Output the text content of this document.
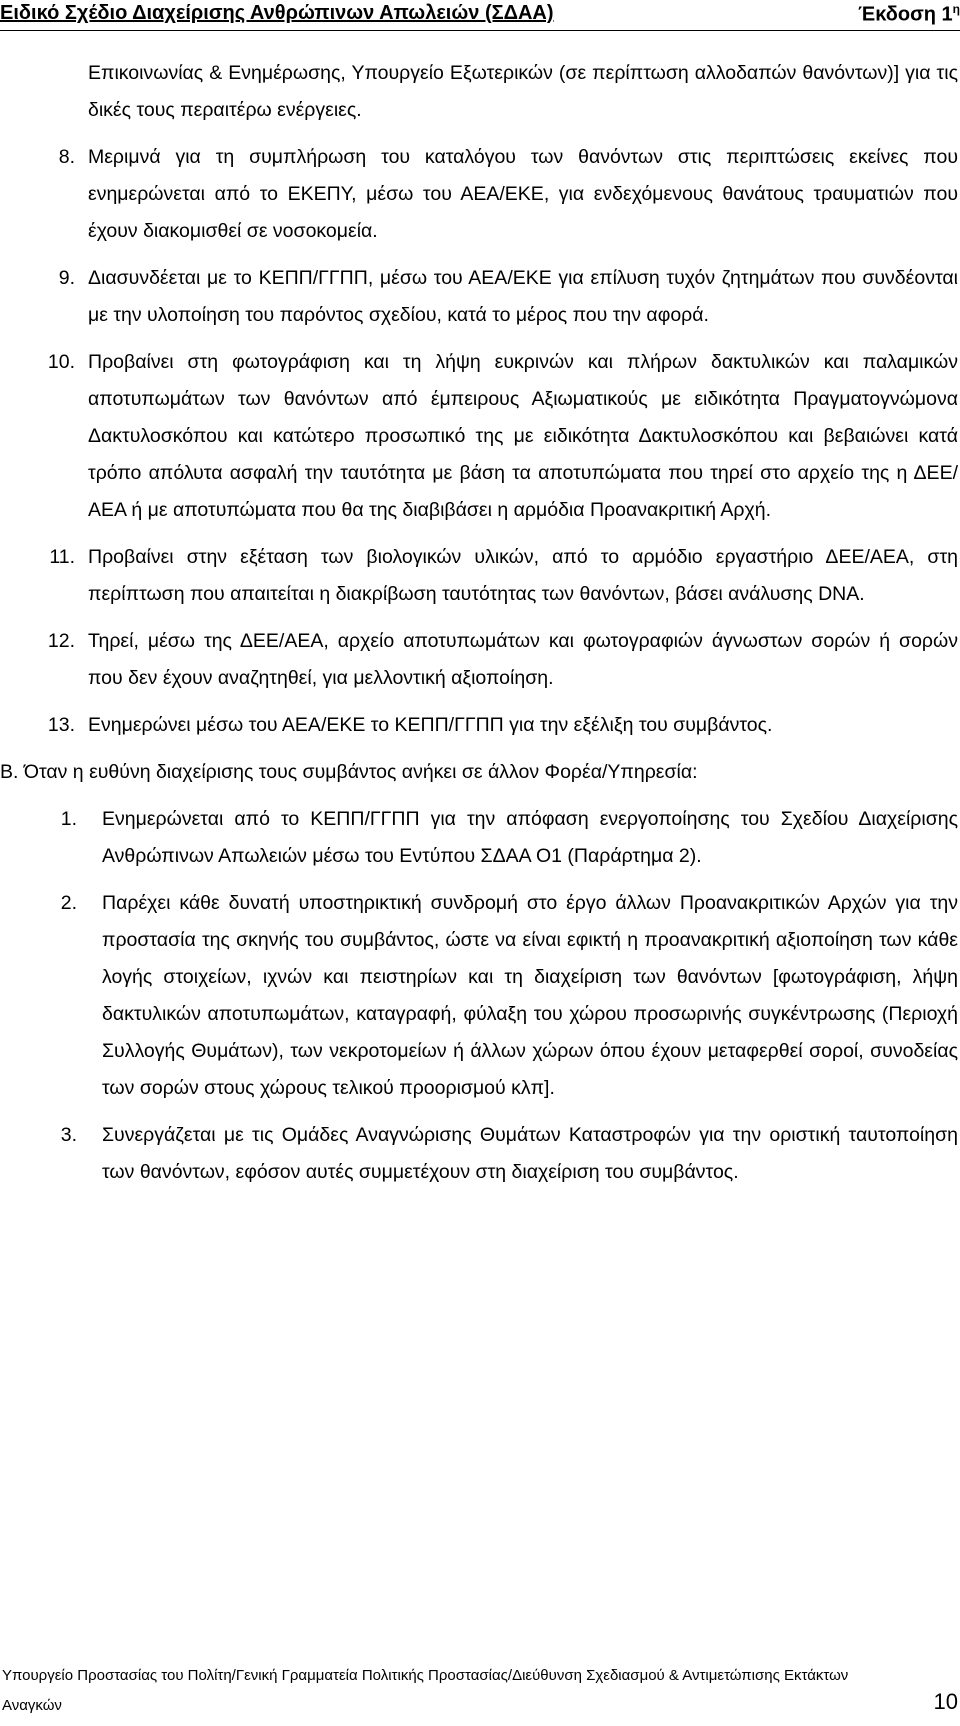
Ειδικό Σχέδιο Διαχείρισης Ανθρώπινων Απωλειών (ΣΔΑΑ)	Έκδοση $1^\eta$

Επικοινωνίας & Ενημέρωσης, Υπουργείο Εξωτερικών (σε περίπτωση αλλοδαπών θανόντων)] για τις δικές τους περαιτέρω ενέργειες.

8. Μεριμνά για τη συμπλήρωση του καταλόγου των θανόντων στις περιπτώσεις εκείνες που ενημερώνεται από το ΕΚΕΠΥ, μέσω του ΑΕΑ/ΕΚΕ, για ενδεχόμενους θανάτους τραυματιών που έχουν διακομισθεί σε νοσοκομεία.
9. Διασυνδέεται με το ΚΕΠΠ/ΓΓΠΠ, μέσω του ΑΕΑ/ΕΚΕ για επίλυση τυχόν ζητημάτων που συνδέονται με την υλοποίηση του παρόντος σχεδίου, κατά το μέρος που την αφορά.
10. Προβαίνει στη φωτογράφιση και τη λήψη ευκρινών και πλήρων δακτυλικών και παλαμικών αποτυπωμάτων των θανόντων από έμπειρους Αξιωματικούς με ειδικότητα Πραγματογνώμονα Δακτυλοσκόπου και κατώτερο προσωπικό της με ειδικότητα Δακτυλοσκόπου και βεβαιώνει κατά τρόπο απόλυτα ασφαλή την ταυτότητα με βάση τα αποτυπώματα που τηρεί στο αρχείο της η ΔΕΕ/ΑΕΑ ή με αποτυπώματα που θα της διαβιβάσει η αρμόδια Προανακριτική Αρχή.
11. Προβαίνει στην εξέταση των βιολογικών υλικών, από το αρμόδιο εργαστήριο ΔΕΕ/ΑΕΑ, στη περίπτωση που απαιτείται η διακρίβωση ταυτότητας των θανόντων, βάσει ανάλυσης DNA.
12. Τηρεί, μέσω της ΔΕΕ/ΑΕΑ, αρχείο αποτυπωμάτων και φωτογραφιών άγνωστων σορών ή σορών που δεν έχουν αναζητηθεί, για μελλοντική αξιοποίηση.
13. Ενημερώνει μέσω του ΑΕΑ/ΕΚΕ το ΚΕΠΠ/ΓΓΠΠ για την εξέλιξη του συμβάντος.
Β. Όταν η ευθύνη διαχείρισης τους συμβάντος ανήκει σε άλλον Φορέα/Υπηρεσία:
1. Ενημερώνεται από το ΚΕΠΠ/ΓΓΠΠ για την απόφαση ενεργοποίησης του Σχεδίου Διαχείρισης Ανθρώπινων Απωλειών μέσω του Εντύπου ΣΔΑΑ Ο1 (Παράρτημα 2).
2. Παρέχει κάθε δυνατή υποστηρικτική συνδρομή στο έργο άλλων Προανακριτικών Αρχών για την προστασία της σκηνής του συμβάντος, ώστε να είναι εφικτή η προανακριτική αξιοποίηση των κάθε λογής στοιχείων, ιχνών και πειστηρίων και τη διαχείριση των θανόντων [φωτογράφιση, λήψη δακτυλικών αποτυπωμάτων, καταγραφή, φύλαξη του χώρου προσωρινής συγκέντρωσης (Περιοχή Συλλογής Θυμάτων), των νεκροτομείων ή άλλων χώρων όπου έχουν μεταφερθεί σοροί, συνοδείας των σορών στους χώρους τελικού προορισμού κλπ].
3. Συνεργάζεται με τις Ομάδες Αναγνώρισης Θυμάτων Καταστροφών για την οριστική ταυτοποίηση των θανόντων, εφόσον αυτές συμμετέχουν στη διαχείριση του συμβάντος.
Υπουργείο Προστασίας του Πολίτη/Γενική Γραμματεία Πολιτικής Προστασίας/Διεύθυνση Σχεδιασμού & Αντιμετώπισης Εκτάκτων
Αναγκών	10
